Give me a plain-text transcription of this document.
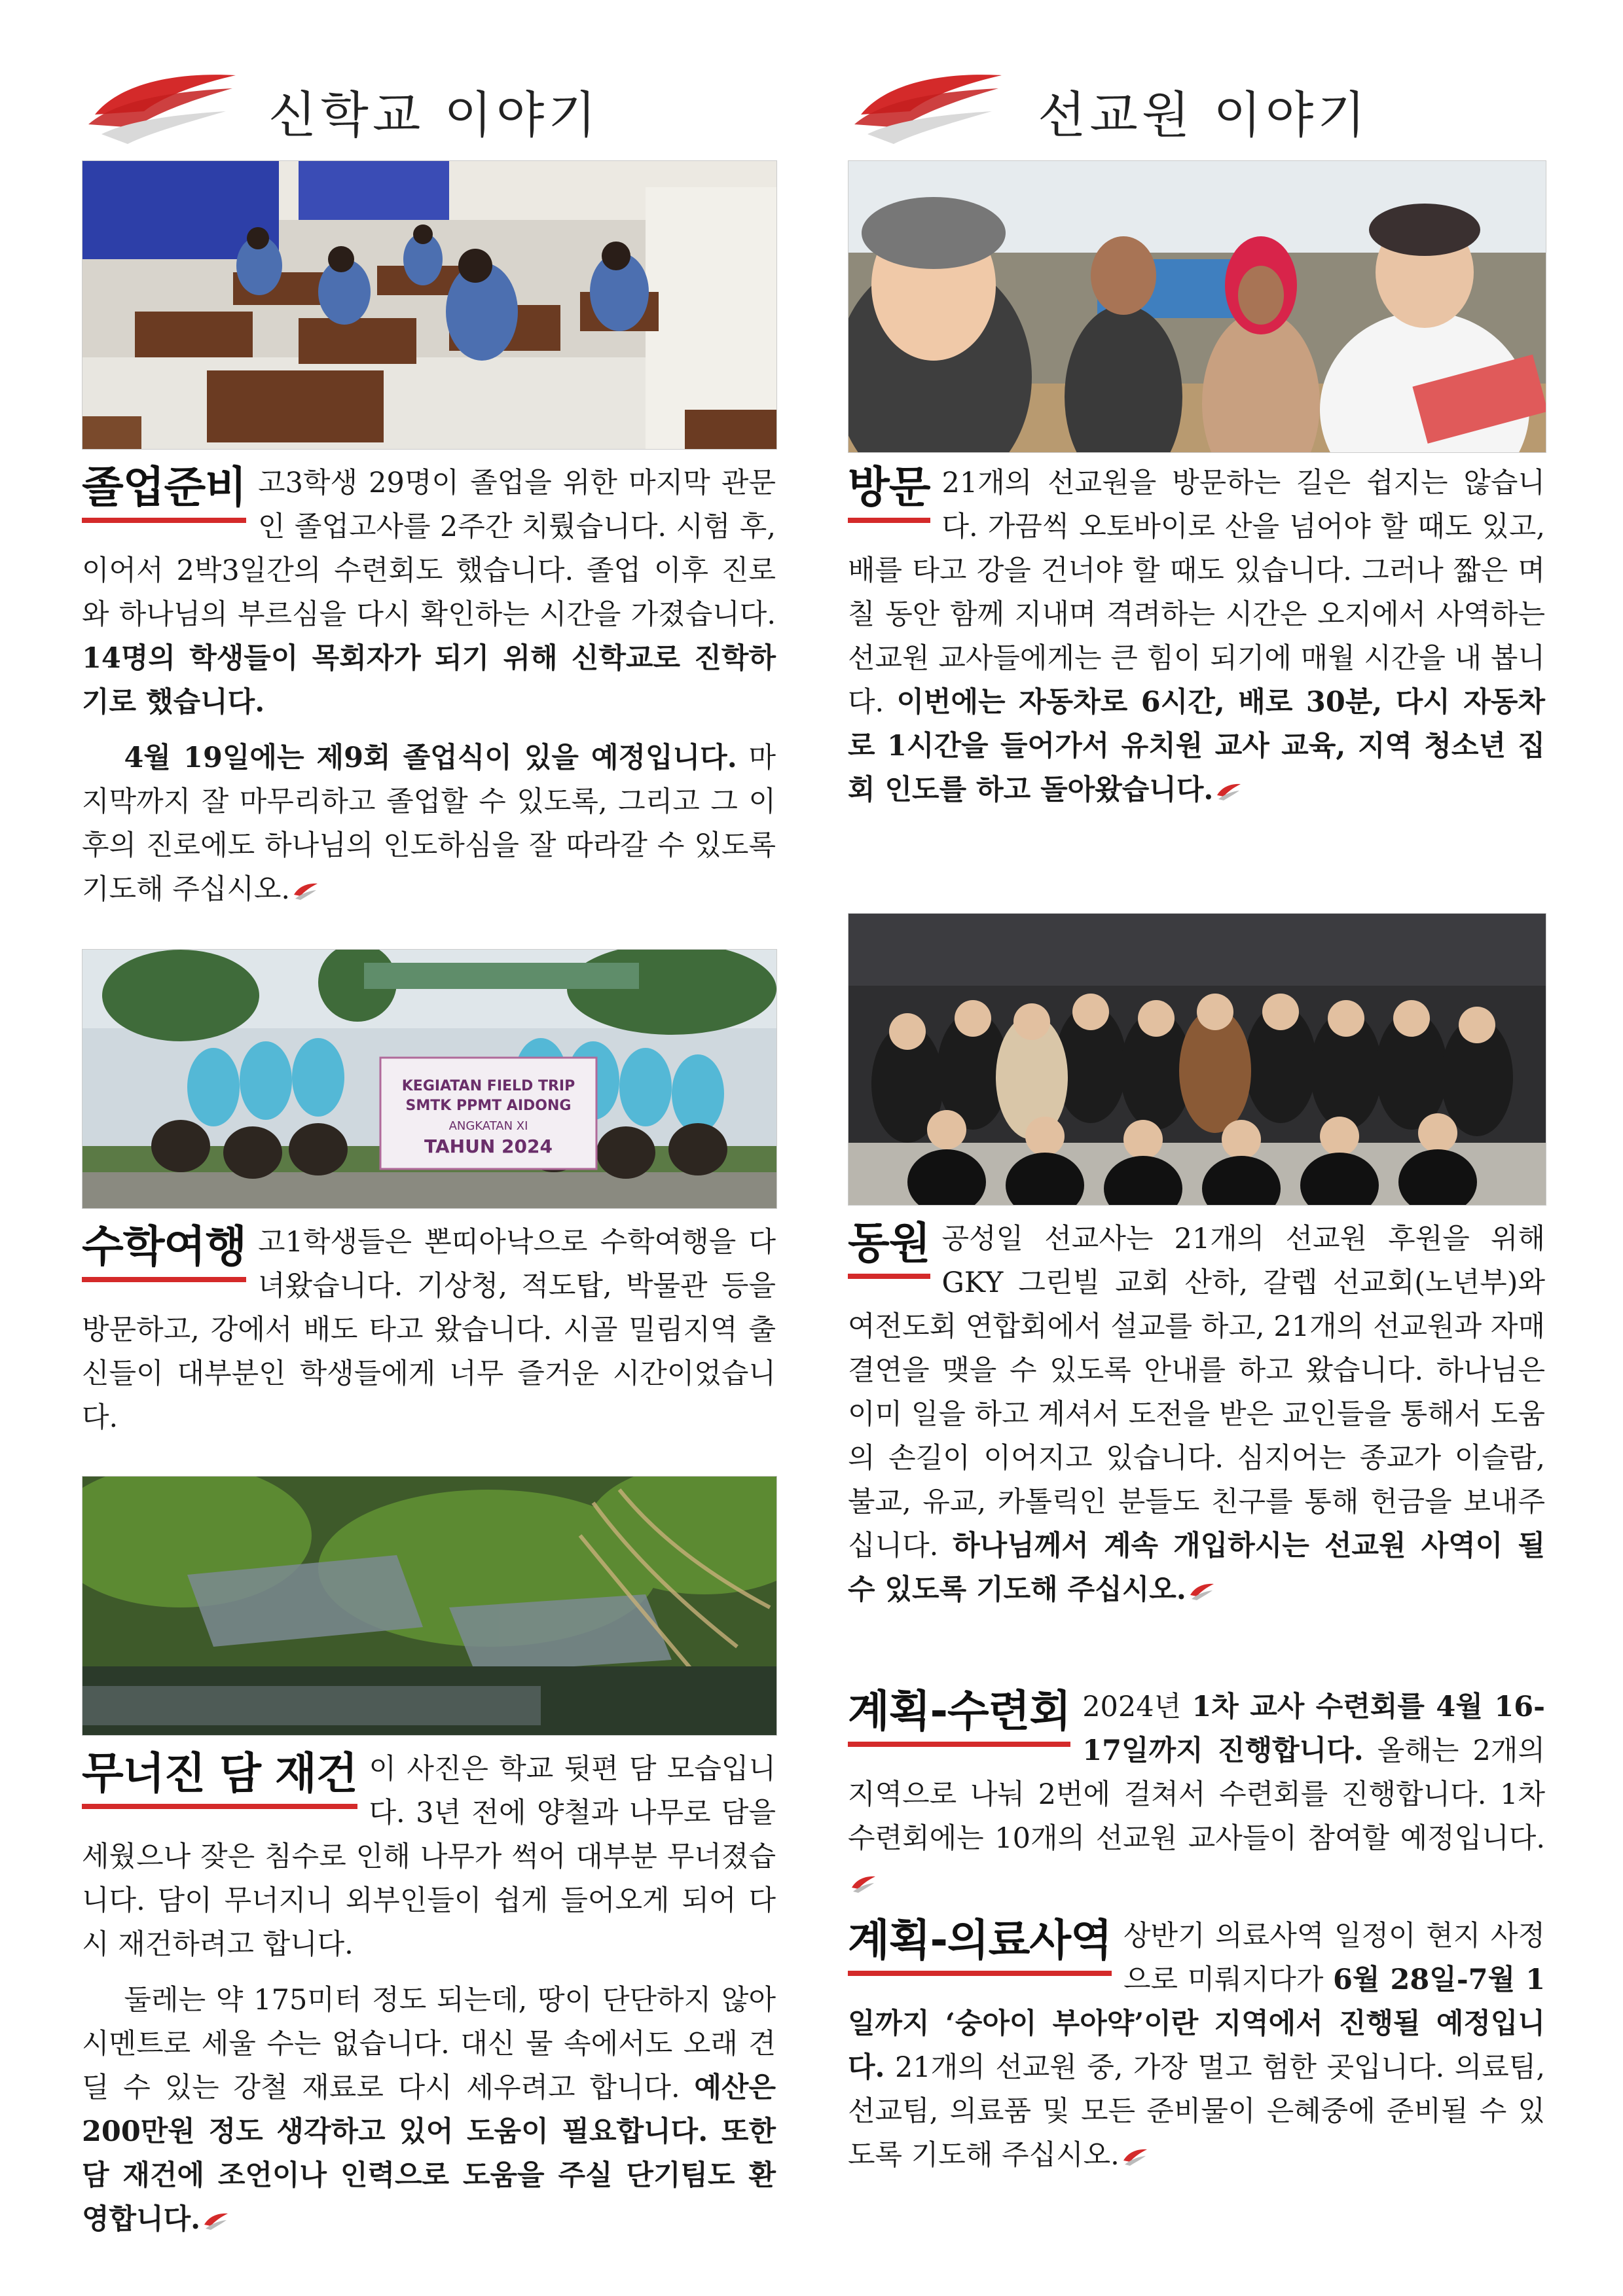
신학교 이야기

졸업준비 고3학생 29명이 졸업을 위한 마지막 관문인 졸업고사를 2주간 치뤘습니다. 시험 후, 이어서 2박3일간의 수련회도 했습니다. 졸업 이후 진로와 하나님의 부르심을 다시 확인하는 시간을 가졌습니다. 14명의 학생들이 목회자가 되기 위해 신학교로 진학하기로 했습니다.

4월 19일에는 제9회 졸업식이 있을 예정입니다. 마지막까지 잘 마무리하고 졸업할 수 있도록, 그리고 그 이후의 진로에도 하나님의 인도하심을 잘 따라갈 수 있도록 기도해 주십시오.

KEGIATAN FIELD TRIP
SMTK PPMT AIDONG
ANGKATAN XI
TAHUN 2024

수학여행 고1학생들은 뽄띠아낙으로 수학여행을 다녀왔습니다. 기상청, 적도탑, 박물관 등을 방문하고, 강에서 배도 타고 왔습니다. 시골 밀림지역 출신들이 대부분인 학생들에게 너무 즐거운 시간이었습니다.

무너진 담 재건 이 사진은 학교 뒷편 담 모습입니다. 3년 전에 양철과 나무로 담을 세웠으나 잦은 침수로 인해 나무가 썩어 대부분 무너졌습니다. 담이 무너지니 외부인들이 쉽게 들어오게 되어 다시 재건하려고 합니다.

둘레는 약 175미터 정도 되는데, 땅이 단단하지 않아 시멘트로 세울 수는 없습니다. 대신 물 속에서도 오래 견딜 수 있는 강철 재료로 다시 세우려고 합니다. 예산은 200만원 정도 생각하고 있어 도움이 필요합니다. 또한 담 재건에 조언이나 인력으로 도움을 주실 단기팀도 환영합니다.

선교원 이야기

방문 21개의 선교원을 방문하는 길은 쉽지는 않습니다. 가끔씩 오토바이로 산을 넘어야 할 때도 있고, 배를 타고 강을 건너야 할 때도 있습니다. 그러나 짧은 며칠 동안 함께 지내며 격려하는 시간은 오지에서 사역하는 선교원 교사들에게는 큰 힘이 되기에 매월 시간을 내 봅니다. 이번에는 자동차로 6시간, 배로 30분, 다시 자동차로 1시간을 들어가서 유치원 교사 교육, 지역 청소년 집회 인도를 하고 돌아왔습니다.

동원 공성일 선교사는 21개의 선교원 후원을 위해 GKY 그린빌 교회 산하, 갈렙 선교회(노년부)와 여전도회 연합회에서 설교를 하고, 21개의 선교원과 자매 결연을 맺을 수 있도록 안내를 하고 왔습니다. 하나님은 이미 일을 하고 계셔서 도전을 받은 교인들을 통해서 도움의 손길이 이어지고 있습니다. 심지어는 종교가 이슬람, 불교, 유교, 카톨릭인 분들도 친구를 통해 헌금을 보내주십니다. 하나님께서 계속 개입하시는 선교원 사역이 될 수 있도록 기도해 주십시오.

계획-수련회 2024년 1차 교사 수련회를 4월 16-17일까지 진행합니다. 올해는 2개의 지역으로 나눠 2번에 걸쳐서 수련회를 진행합니다. 1차 수련회에는 10개의 선교원 교사들이 참여할 예정입니다.

계획-의료사역 상반기 의료사역 일정이 현지 사정으로 미뤄지다가 6월 28일-7월 1일까지 ‘숭아이 부아약’이란 지역에서 진행될 예정입니다. 21개의 선교원 중, 가장 멀고 험한 곳입니다. 의료팀, 선교팀, 의료품 및 모든 준비물이 은혜중에 준비될 수 있도록 기도해 주십시오.
